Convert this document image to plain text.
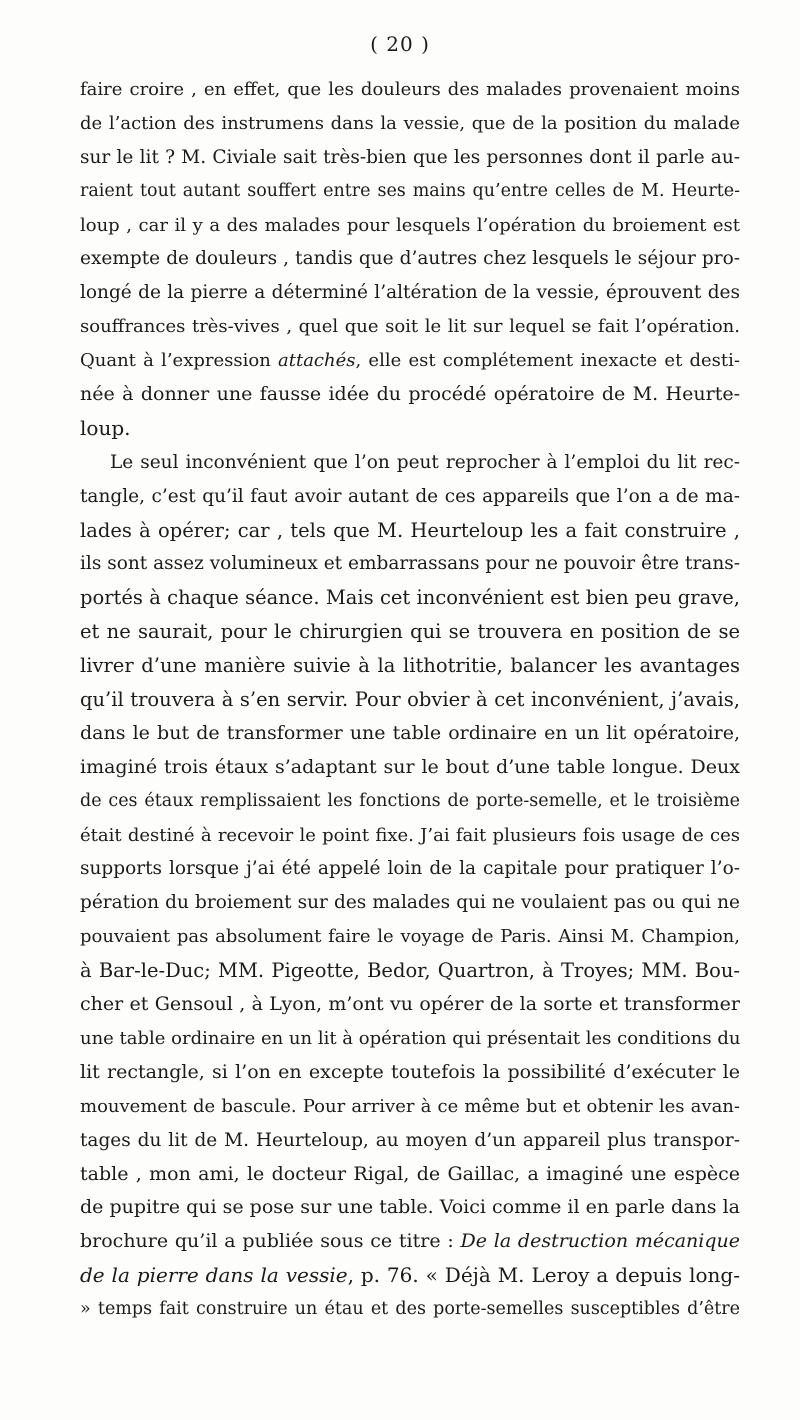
( 20 )
faire croire , en effet, que les douleurs des malades provenaient moins
de l’action des instrumens dans la vessie, que de la position du malade
sur le lit ? M. Civiale sait très-bien que les personnes dont il parle au-
raient tout autant souffert entre ses mains qu’entre celles de M. Heurte-
loup , car il y a des malades pour lesquels l’opération du broiement est
exempte de douleurs , tandis que d’autres chez lesquels le séjour pro-
longé de la pierre a déterminé l’altération de la vessie, éprouvent des
souffrances très-vives , quel que soit le lit sur lequel se fait l’opération.
Quant à l’expression attachés, elle est complétement inexacte et desti-
née à donner une fausse idée du procédé opératoire de M. Heurte-
loup.
Le seul inconvénient que l’on peut reprocher à l’emploi du lit rec-
tangle, c’est qu’il faut avoir autant de ces appareils que l’on a de ma-
lades à opérer; car , tels que M. Heurteloup les a fait construire ,
ils sont assez volumineux et embarrassans pour ne pouvoir être trans-
portés à chaque séance. Mais cet inconvénient est bien peu grave,
et ne saurait, pour le chirurgien qui se trouvera en position de se
livrer d’une manière suivie à la lithotritie, balancer les avantages
qu’il trouvera à s’en servir. Pour obvier à cet inconvénient, j’avais,
dans le but de transformer une table ordinaire en un lit opératoire,
imaginé trois étaux s’adaptant sur le bout d’une table longue. Deux
de ces étaux remplissaient les fonctions de porte-semelle, et le troisième
était destiné à recevoir le point fixe. J’ai fait plusieurs fois usage de ces
supports lorsque j’ai été appelé loin de la capitale pour pratiquer l’o-
pération du broiement sur des malades qui ne voulaient pas ou qui ne
pouvaient pas absolument faire le voyage de Paris. Ainsi M. Champion,
à Bar-le-Duc; MM. Pigeotte, Bedor, Quartron, à Troyes; MM. Bou-
cher et Gensoul , à Lyon, m’ont vu opérer de la sorte et transformer
une table ordinaire en un lit à opération qui présentait les conditions du
lit rectangle, si l’on en excepte toutefois la possibilité d’exécuter le
mouvement de bascule. Pour arriver à ce même but et obtenir les avan-
tages du lit de M. Heurteloup, au moyen d’un appareil plus transpor-
table , mon ami, le docteur Rigal, de Gaillac, a imaginé une espèce
de pupitre qui se pose sur une table. Voici comme il en parle dans la
brochure qu’il a publiée sous ce titre : De la destruction mécanique
de la pierre dans la vessie, p. 76. « Déjà M. Leroy a depuis long-
» temps fait construire un étau et des porte-semelles susceptibles d’être
